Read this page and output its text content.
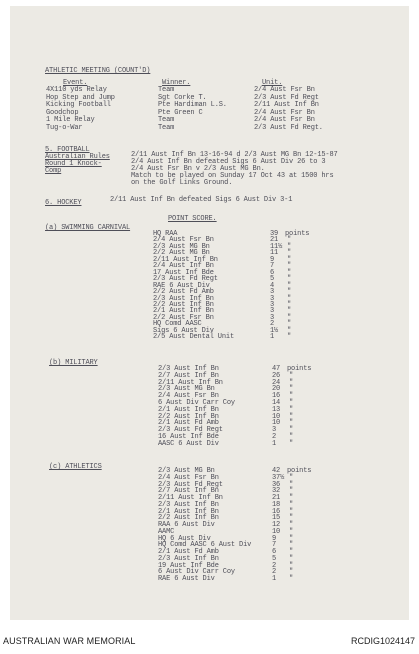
ATHLETIC MEETING (COUNT'D)
Event.	Winner.	Unit.
4X110 yds Relay	Team	2/4 Aust Fsr Bn
Hop Step and Jump	Sgt Corke T.	2/3 Aust Fd Regt
Kicking Football	Pte Hardiman L.S.	2/11 Aust Inf Bn
Goodchop	Pte Green C	2/4 Aust Fsr Bn
1 Mile Relay	Team	2/4 Aust Fsr Bn
Tug-o-War	Team	2/3 Aust Fd Regt.
5. FOOTBALL
Australian Rules
Round 1 Knock-
Comp
2/11 Aust Inf Bn 13-16-94 d 2/3 Aust MG Bn 12-15-87
2/4 Aust Inf Bn defeated Sigs 6 Aust Div 26 to 3
2/4 Aust Fsr Bn v 2/3 Aust MG Bn.
Match to be played on Sunday 17 Oct 43 at 1500 hrs
on the Golf Links Ground.
6. HOCKEY	2/11 Aust Inf Bn defeated Sigs 6 Aust Div 3-1
POINT SCORE.
(a) SWIMMING CARNIVAL
(b) MILITARY
(c) ATHLETICS
HQ RAA	39 points
2/4 Aust Fsr Bn	21 "
2/3 Aust MG Bn	11½ "
2/2 Aust MG Bn	11 "
2/11 Aust Inf Bn	9 "
2/4 Aust Inf Bn	7 "
17 Aust Inf Bde	6 "
2/3 Aust Fd Regt	5 "
RAE 6 Aust Div	4 "
2/2 Aust Fd Amb	3 "
2/3 Aust Inf Bn	3 "
2/2 Aust Inf Bn	3 "
2/1 Aust Inf Bn	3 "
2/2 Aust Fsr Bn	3 "
HQ Comd AASC	2 "
Sigs 6 Aust Div	1½ "
2/5 Aust Dental Unit	1 "
2/3 Aust Inf Bn	47 points
2/7 Aust Inf Bn	26 "
2/11 Aust Inf Bn	24 "
2/3 Aust MG Bn	20 "
2/4 Aust Fsr Bn	16 "
6 Aust Div Carr Coy	14 "
2/1 Aust Inf Bn	13 "
2/2 Aust Inf Bn	10 "
2/1 Aust Fd Amb	10 "
2/3 Aust Fd Regt	3 "
16 Aust Inf Bde	2 "
AASC 6 Aust Div	1 "
2/3 Aust MG Bn	42 points
2/4 Aust Fsr Bn	37½ "
2/3 Aust Fd Regt	36 "
2/7 Aust Inf Bn	32 "
2/11 Aust Inf Bn	21 "
2/3 Aust Inf Bn	18 "
2/1 Aust Inf Bn	16 "
2/2 Aust Inf Bn	15 "
RAA 6 Aust Div	12 "
AAMC	10 "
HQ 6 Aust Div	9 "
HQ Comd AASC 6 Aust Div	7 "
2/1 Aust Fd Amb	6 "
2/3 Aust Inf Bn	5 "
19 Aust Inf Bde	2 "
6 Aust Div Carr Coy	2 "
RAE 6 Aust Div	1 "
AUSTRALIAN WAR MEMORIAL	RCDIG1024147
